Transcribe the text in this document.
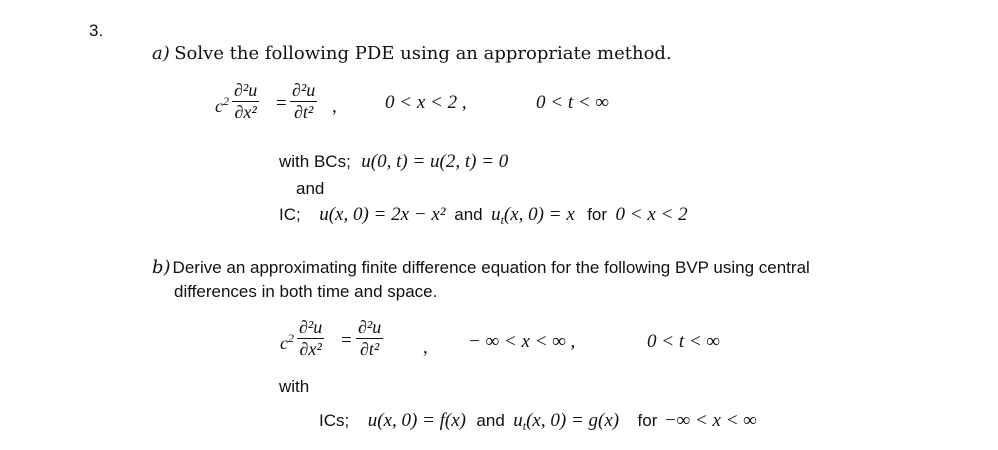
3.
a) Solve the following PDE using an appropriate method.
$c^2$
∂²u
∂x² =
∂²u
∂t² ,	0 < x < 2 ,	0 < t < ∞
with BCs; u(0, t) = u(2, t) = 0
and
IC; u(x, 0) = 2x − x² and $u_t(x$, 0) = x for 0 < x < 2
b) Derive an approximating finite difference equation for the following BVP using central
differences in both time and space.
$c^2$
∂²u
∂x² =
∂²u
∂t² , − ∞ < x < ∞ ,	0 < t < ∞
with
ICs; u(x, 0) = f(x) and $u_t(x$, 0) = g(x) for −∞ < x < ∞
